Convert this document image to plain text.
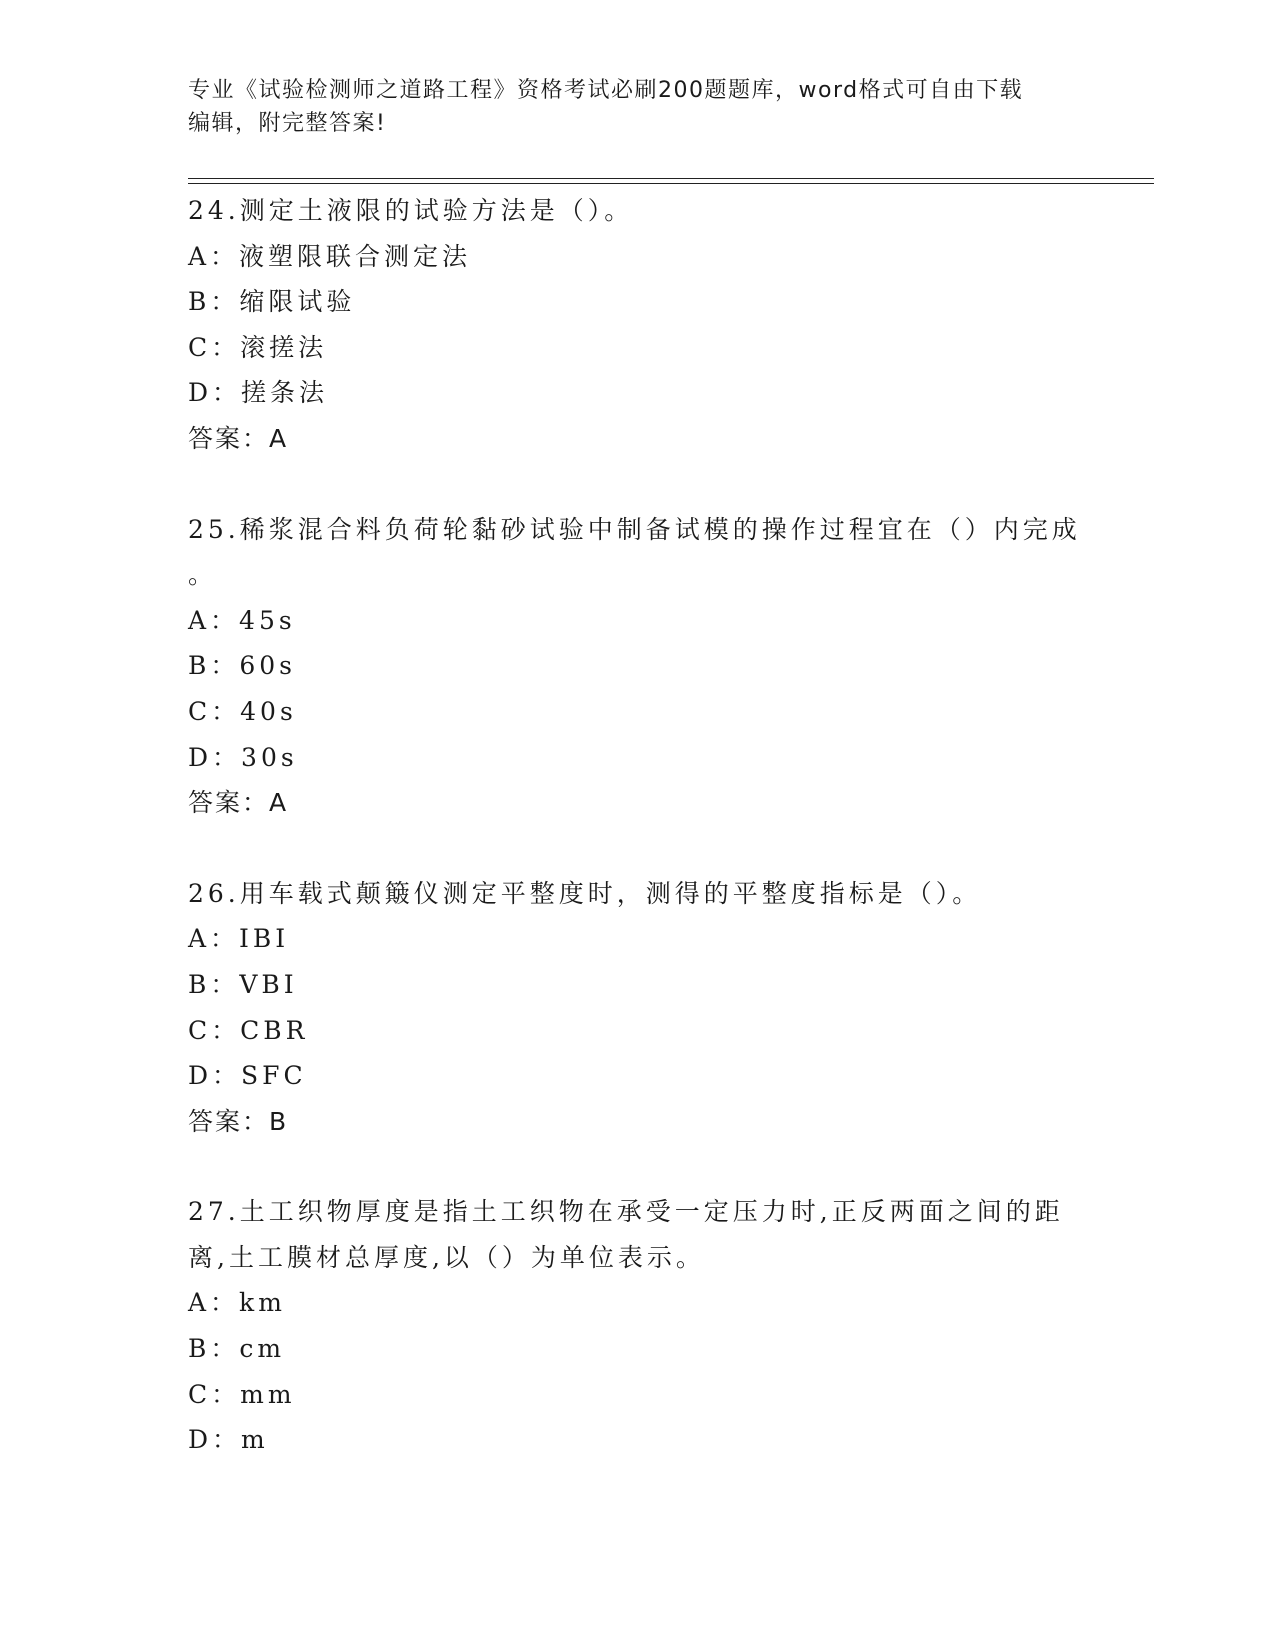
专业《试验检测师之道路工程》资格考试必刷200题题库，word格式可自由下载
编辑，附完整答案!
24.测定土液限的试验方法是（）。
A：液塑限联合测定法
B：缩限试验
C：滚搓法
D：搓条法
答案：A
25.稀浆混合料负荷轮黏砂试验中制备试模的操作过程宜在（）内完成
。
A：45s
B：60s
C：40s
D：30s
答案：A
26.用车载式颠簸仪测定平整度时，测得的平整度指标是（）。
A：IBI
B：VBI
C：CBR
D：SFC
答案：B
27.土工织物厚度是指土工织物在承受一定压力时,正反两面之间的距
离,土工膜材总厚度,以（）为单位表示。
A：km
B：cm
C：mm
D：m
